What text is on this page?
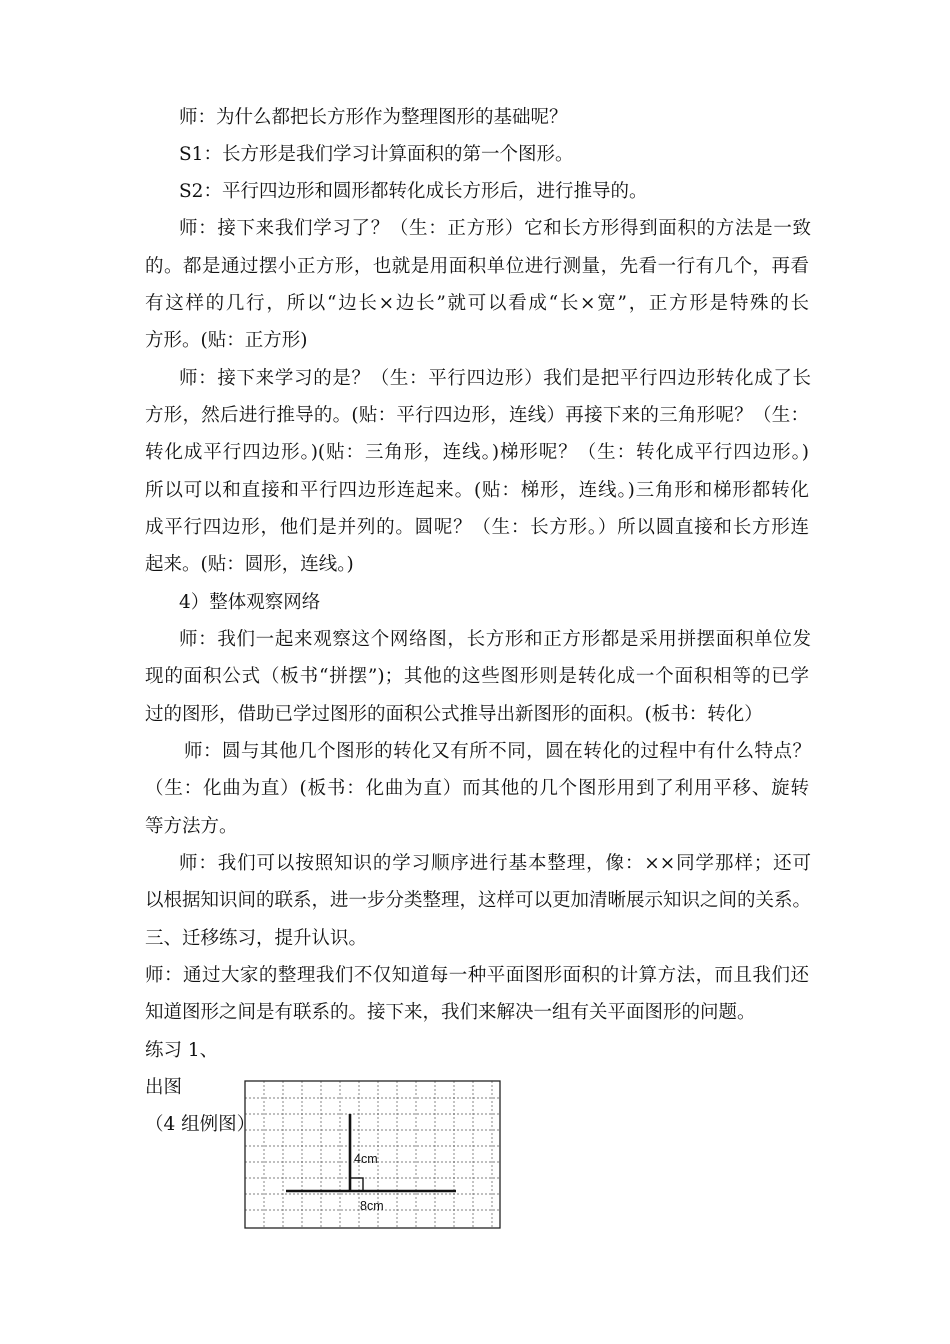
师：为什么都把长方形作为整理图形的基础呢？

S1：长方形是我们学习计算面积的第一个图形。

S2：平行四边形和圆形都转化成长方形后，进行推导的。

师：接下来我们学习了？（生：正方形）它和长方形得到面积的方法是一致

的。都是通过摆小正方形，也就是用面积单位进行测量，先看一行有几个，再看

有这样的几行，所以“边长×边长”就可以看成“长×宽”，正方形是特殊的长

方形。(贴：正方形)

师：接下来学习的是？（生：平行四边形）我们是把平行四边形转化成了长

方形，然后进行推导的。(贴：平行四边形，连线）再接下来的三角形呢？（生：

转化成平行四边形。)(贴：三角形，连线。)梯形呢？（生：转化成平行四边形。)

所以可以和直接和平行四边形连起来。(贴：梯形，连线。)三角形和梯形都转化

成平行四边形，他们是并列的。圆呢？（生：长方形。）所以圆直接和长方形连

起来。(贴：圆形，连线。)

4）整体观察网络

师：我们一起来观察这个网络图，长方形和正方形都是采用拼摆面积单位发

现的面积公式（板书“拼摆”)；其他的这些图形则是转化成一个面积相等的已学

过的图形，借助已学过图形的面积公式推导出新图形的面积。(板书：转化）

师：圆与其他几个图形的转化又有所不同，圆在转化的过程中有什么特点？

（生：化曲为直）(板书：化曲为直）而其他的几个图形用到了利用平移、旋转

等方法方。

师：我们可以按照知识的学习顺序进行基本整理，像：××同学那样；还可

以根据知识间的联系，进一步分类整理，这样可以更加清晰展示知识之间的关系。

三、迁移练习，提升认识。

师：通过大家的整理我们不仅知道每一种平面图形面积的计算方法，而且我们还

知道图形之间是有联系的。接下来，我们来解决一组有关平面图形的问题。

练习 1、

出图

（4 组例图）

4cm
8cm
